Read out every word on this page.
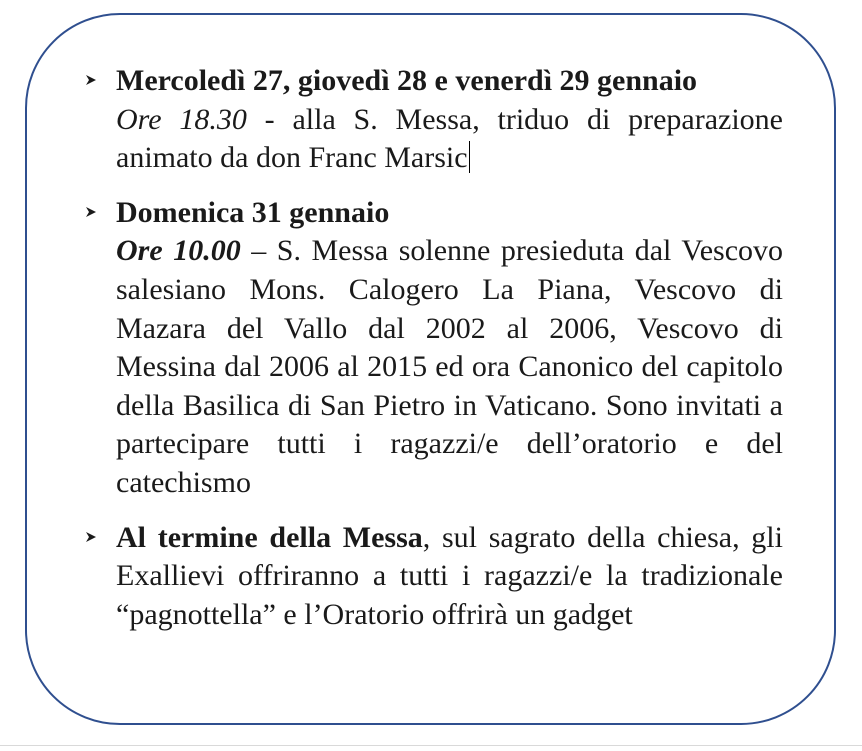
Mercoledì 27, giovedì 28 e venerdì 29 gennaio
Ore 18.30 - alla S. Messa, triduo di preparazione animato da don Franc Marsic
Domenica 31 gennaio
Ore 10.00 – S. Messa solenne presieduta dal Vescovo salesiano Mons. Calogero La Piana, Vescovo di Mazara del Vallo dal 2002 al 2006, Vescovo di Messina dal 2006 al 2015 ed ora Canonico del capitolo della Basilica di San Pietro in Vaticano. Sono invitati a partecipare tutti i ragazzi/e dell’oratorio e del catechismo
Al termine della Messa, sul sagrato della chiesa, gli Exallievi offriranno a tutti i ragazzi/e la tradizionale “pagnottella” e l’Oratorio offrirà un gadget
